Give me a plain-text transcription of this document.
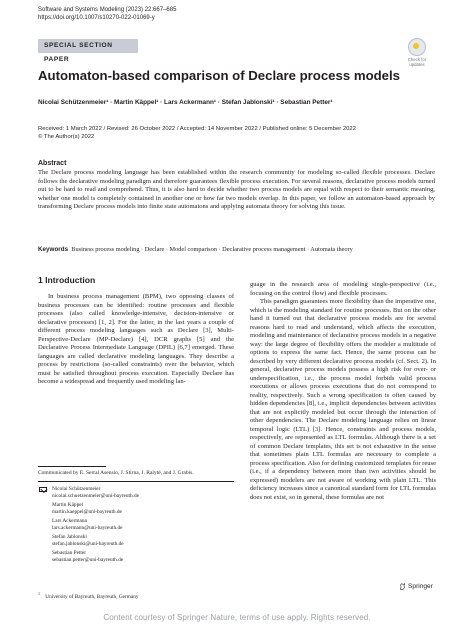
Software and Systems Modeling (2023) 22:667–685
https://doi.org/10.1007/s10270-022-01069-y
SPECIAL SECTION PAPER	Check for updates
Automaton-based comparison of Declare process models
Nicolai Schützenmeier¹ · Martin Käppel¹ · Lars Ackermann¹ · Stefan Jablonski¹ · Sebastian Petter¹
Received: 1 March 2022 / Revised: 26 October 2022 / Accepted: 14 November 2022 / Published online: 5 December 2022
© The Author(s) 2022
Abstract
The Declare process modeling language has been established within the research community for modeling so-called flexible processes. Declare follows the declarative modeling paradigm and therefore guarantees flexible process execution. For several reasons, declarative process models turned out to be hard to read and comprehend. Thus, it is also hard to decide whether two process models are equal with respect to their semantic meaning, whether one model is completely contained in another one or how far two models overlap. In this paper, we follow an automaton-based approach by transforming Declare process models into finite state automatons and applying automata theory for solving this issue.
Keywords Business process modeling · Declare · Model comparison · Declarative process management · Automata theory
1 Introduction

In business process management (BPM), two opposing classes of business processes can be identified: routine processes and flexible processes (also called knowledge-intensive, decision-intensive or declarative processes) [1, 2]. For the latter, in the last years a couple of different process modeling languages such as Declare [3], Multi-Perspective-Declare (MP-Declare) [4], DCR graphs [5] and the Declarative Process Intermediate Language (DPIL) [6,7] emerged. These languages are called declarative modeling languages. They describe a process by restrictions (so-called constraints) over the behavior, which must be satisfied throughout process execution. Especially Declare has become a widespread and frequently used modeling lan-

guage in the research area of modeling single-perspective (i.e., focusing on the control flow) and flexible processes.

This paradigm guarantees more flexibility than the imperative one, which is the modeling standard for routine processes. But on the other hand it turned out that declarative process models are for several reasons hard to read and understand, which affects the execution, modeling and maintenance of declarative process models in a negative way: the large degree of flexibility offers the modeler a multitude of options to express the same fact. Hence, the same process can be described by very different declarative process models (cf. Sect. 2). In general, declarative process models possess a high risk for over- or underspecification, i.e., the process model forbids valid process executions or allows process executions that do not correspond to reality, respectively. Such a wrong specification is often caused by hidden dependencies [8], i.e., implicit dependencies between activities that are not explicitly modeled but occur through the interaction of other dependencies. The Declare modeling language relies on linear temporal logic (LTL) [3]. Hence, constraints and process models, respectively, are represented as LTL formulas. Although there is a set of common Declare templates, this set is not exhaustive in the sense that sometimes plain LTL formulas are necessary to complete a process specification. Also for defining customized templates for reuse (i.e., if a dependency between more than two activities should be expressed) modelers are not aware of working with plain LTL. This deficiency increases since a canonical standard form for LTL formulas does not exist, so in general, these formulas are not

Communicated by E. Serral Asensio, J. Stirna, J. Ralyté, and J. Grabis.
Nicolai Schützenmeier
nicolai.schuetzenmeier@uni-bayreuth.de
Martin Käppel
martin.kaeppel@uni-bayreuth.de
Lars Ackermann
lars.ackermann@uni-bayreuth.de
Stefan Jablonski
stefan.jablonski@uni-bayreuth.de
Sebastian Petter
sebastian.petter@uni-bayreuth.de
$^1$    University of Bayreuth, Bayreuth, Germany
Springer
Content courtesy of Springer Nature, terms of use apply. Rights reserved.
